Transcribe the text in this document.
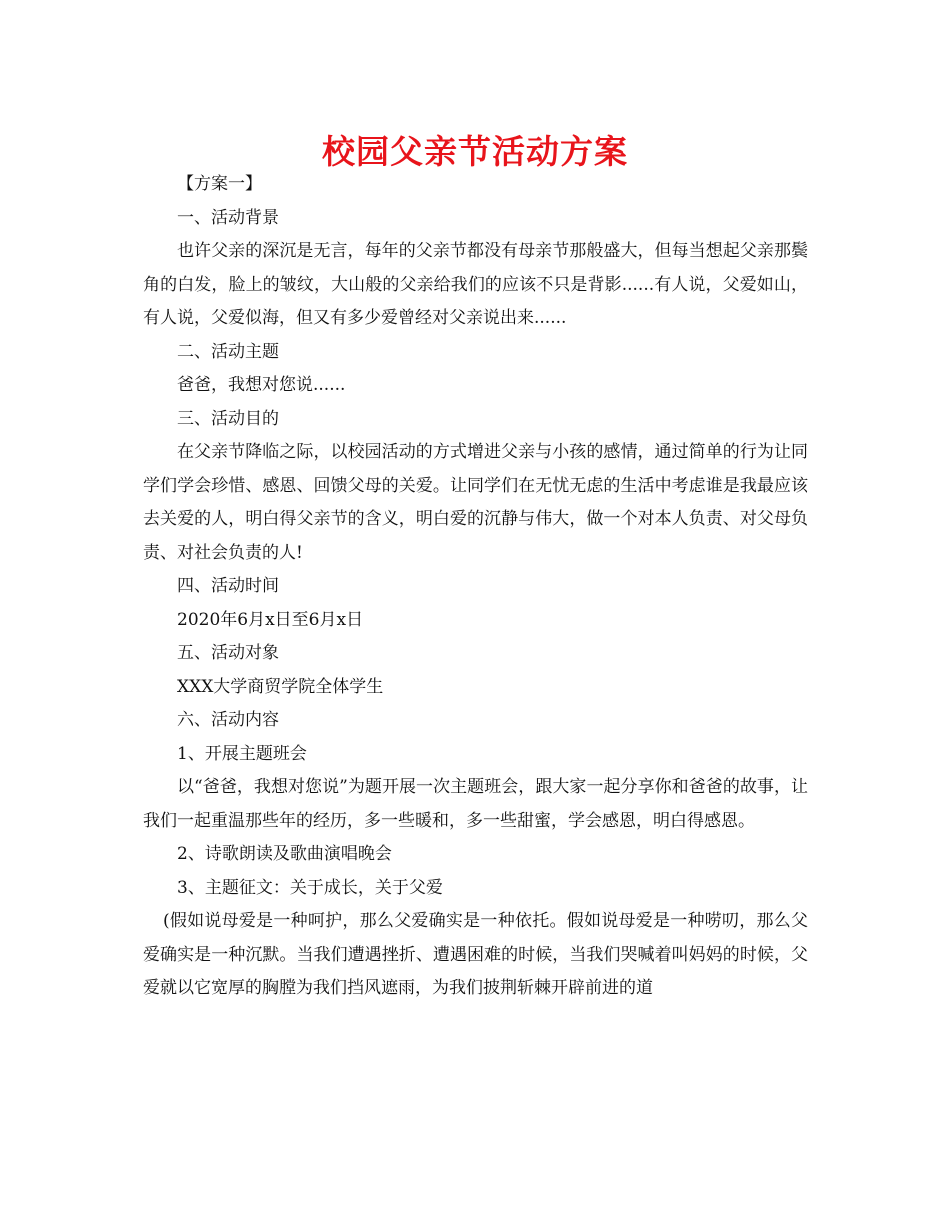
校园父亲节活动方案

【方案一】

一、活动背景

也许父亲的深沉是无言，每年的父亲节都没有母亲节那般盛大，但每当想起父亲那鬓角的白发，脸上的皱纹，大山般的父亲给我们的应该不只是背影......有人说，父爱如山，有人说，父爱似海，但又有多少爱曾经对父亲说出来......

二、活动主题

爸爸，我想对您说......

三、活动目的

在父亲节降临之际，以校园活动的方式增进父亲与小孩的感情，通过简单的行为让同学们学会珍惜、感恩、回馈父母的关爱。让同学们在无忧无虑的生活中考虑谁是我最应该去关爱的人，明白得父亲节的含义，明白爱的沉静与伟大，做一个对本人负责、对父母负责、对社会负责的人!

四、活动时间

2020年6月x日至6月x日

五、活动对象

XXX大学商贸学院全体学生

六、活动内容

1、开展主题班会

以“爸爸，我想对您说”为题开展一次主题班会，跟大家一起分享你和爸爸的故事，让我们一起重温那些年的经历，多一些暖和，多一些甜蜜，学会感恩，明白得感恩。

2、诗歌朗读及歌曲演唱晚会

3、主题征文：关于成长，关于父爱

(假如说母爱是一种呵护，那么父爱确实是一种依托。假如说母爱是一种唠叨，那么父爱确实是一种沉默。当我们遭遇挫折、遭遇困难的时候，当我们哭喊着叫妈妈的时候，父爱就以它宽厚的胸膛为我们挡风遮雨，为我们披荆斩棘开辟前进的道
